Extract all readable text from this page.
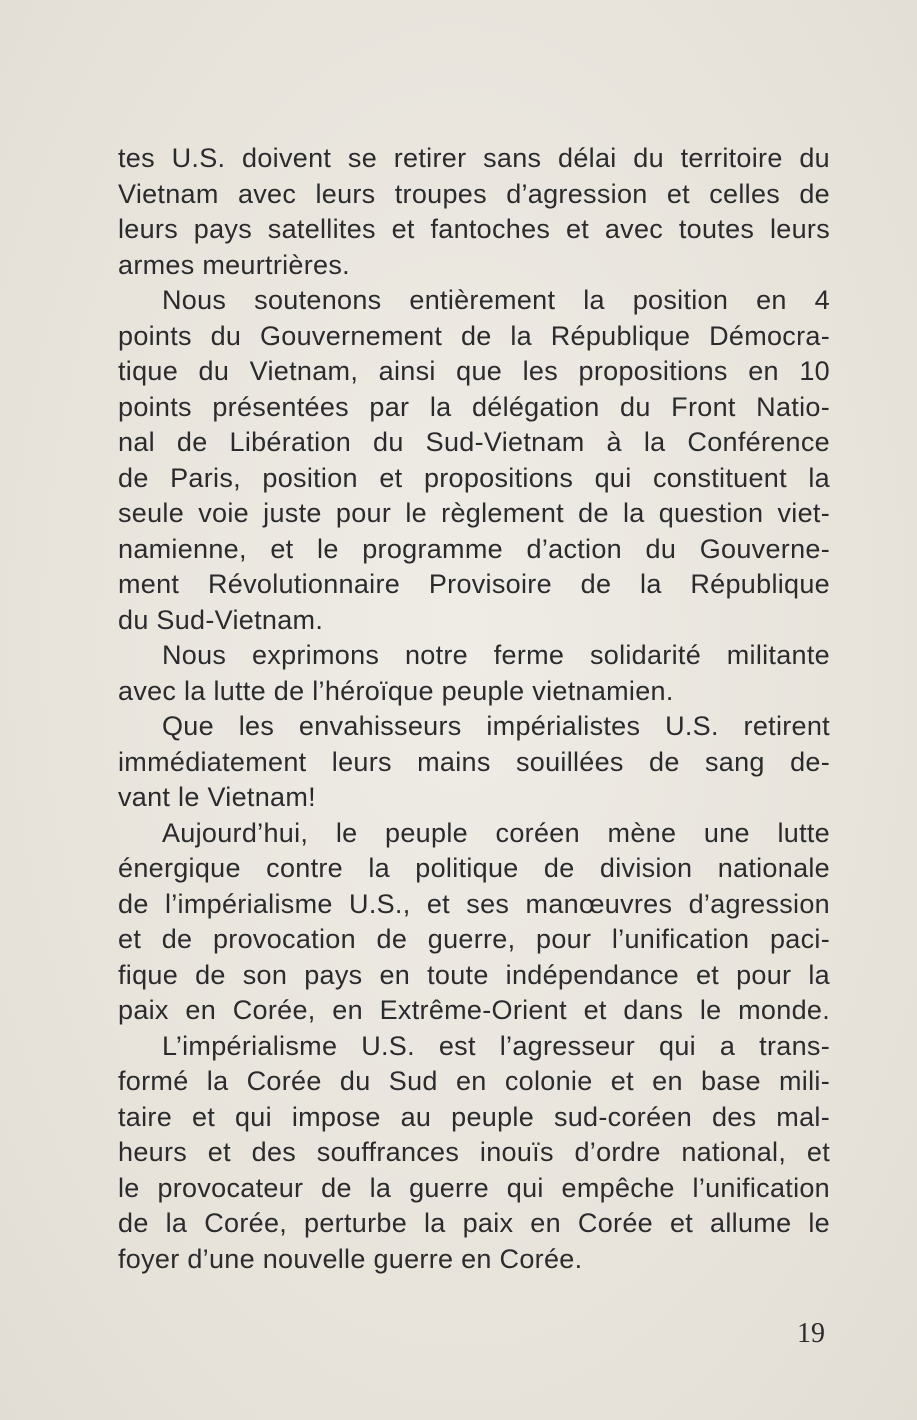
tes U.S. doivent se retirer sans délai du territoire du
Vietnam avec leurs troupes d’agression et celles de
leurs pays satellites et fantoches et avec toutes leurs
armes meurtrières.
Nous soutenons entièrement la position en 4
points du Gouvernement de la République Démocra-
tique du Vietnam, ainsi que les propositions en 10
points présentées par la délégation du Front Natio-
nal de Libération du Sud-Vietnam à la Conférence
de Paris, position et propositions qui constituent la
seule voie juste pour le règlement de la question viet-
namienne, et le programme d’action du Gouverne-
ment Révolutionnaire Provisoire de la République
du Sud-Vietnam.
Nous exprimons notre ferme solidarité militante
avec la lutte de l’héroïque peuple vietnamien.
Que les envahisseurs impérialistes U.S. retirent
immédiatement leurs mains souillées de sang de-
vant le Vietnam!
Aujourd’hui, le peuple coréen mène une lutte
énergique contre la politique de division nationale
de l’impérialisme U.S., et ses manœuvres d’agression
et de provocation de guerre, pour l’unification paci-
fique de son pays en toute indépendance et pour la
paix en Corée, en Extrême-Orient et dans le monde.
L’impérialisme U.S. est l’agresseur qui a trans-
formé la Corée du Sud en colonie et en base mili-
taire et qui impose au peuple sud-coréen des mal-
heurs et des souffrances inouïs d’ordre national, et
le provocateur de la guerre qui empêche l’unification
de la Corée, perturbe la paix en Corée et allume le
foyer d’une nouvelle guerre en Corée.
19
